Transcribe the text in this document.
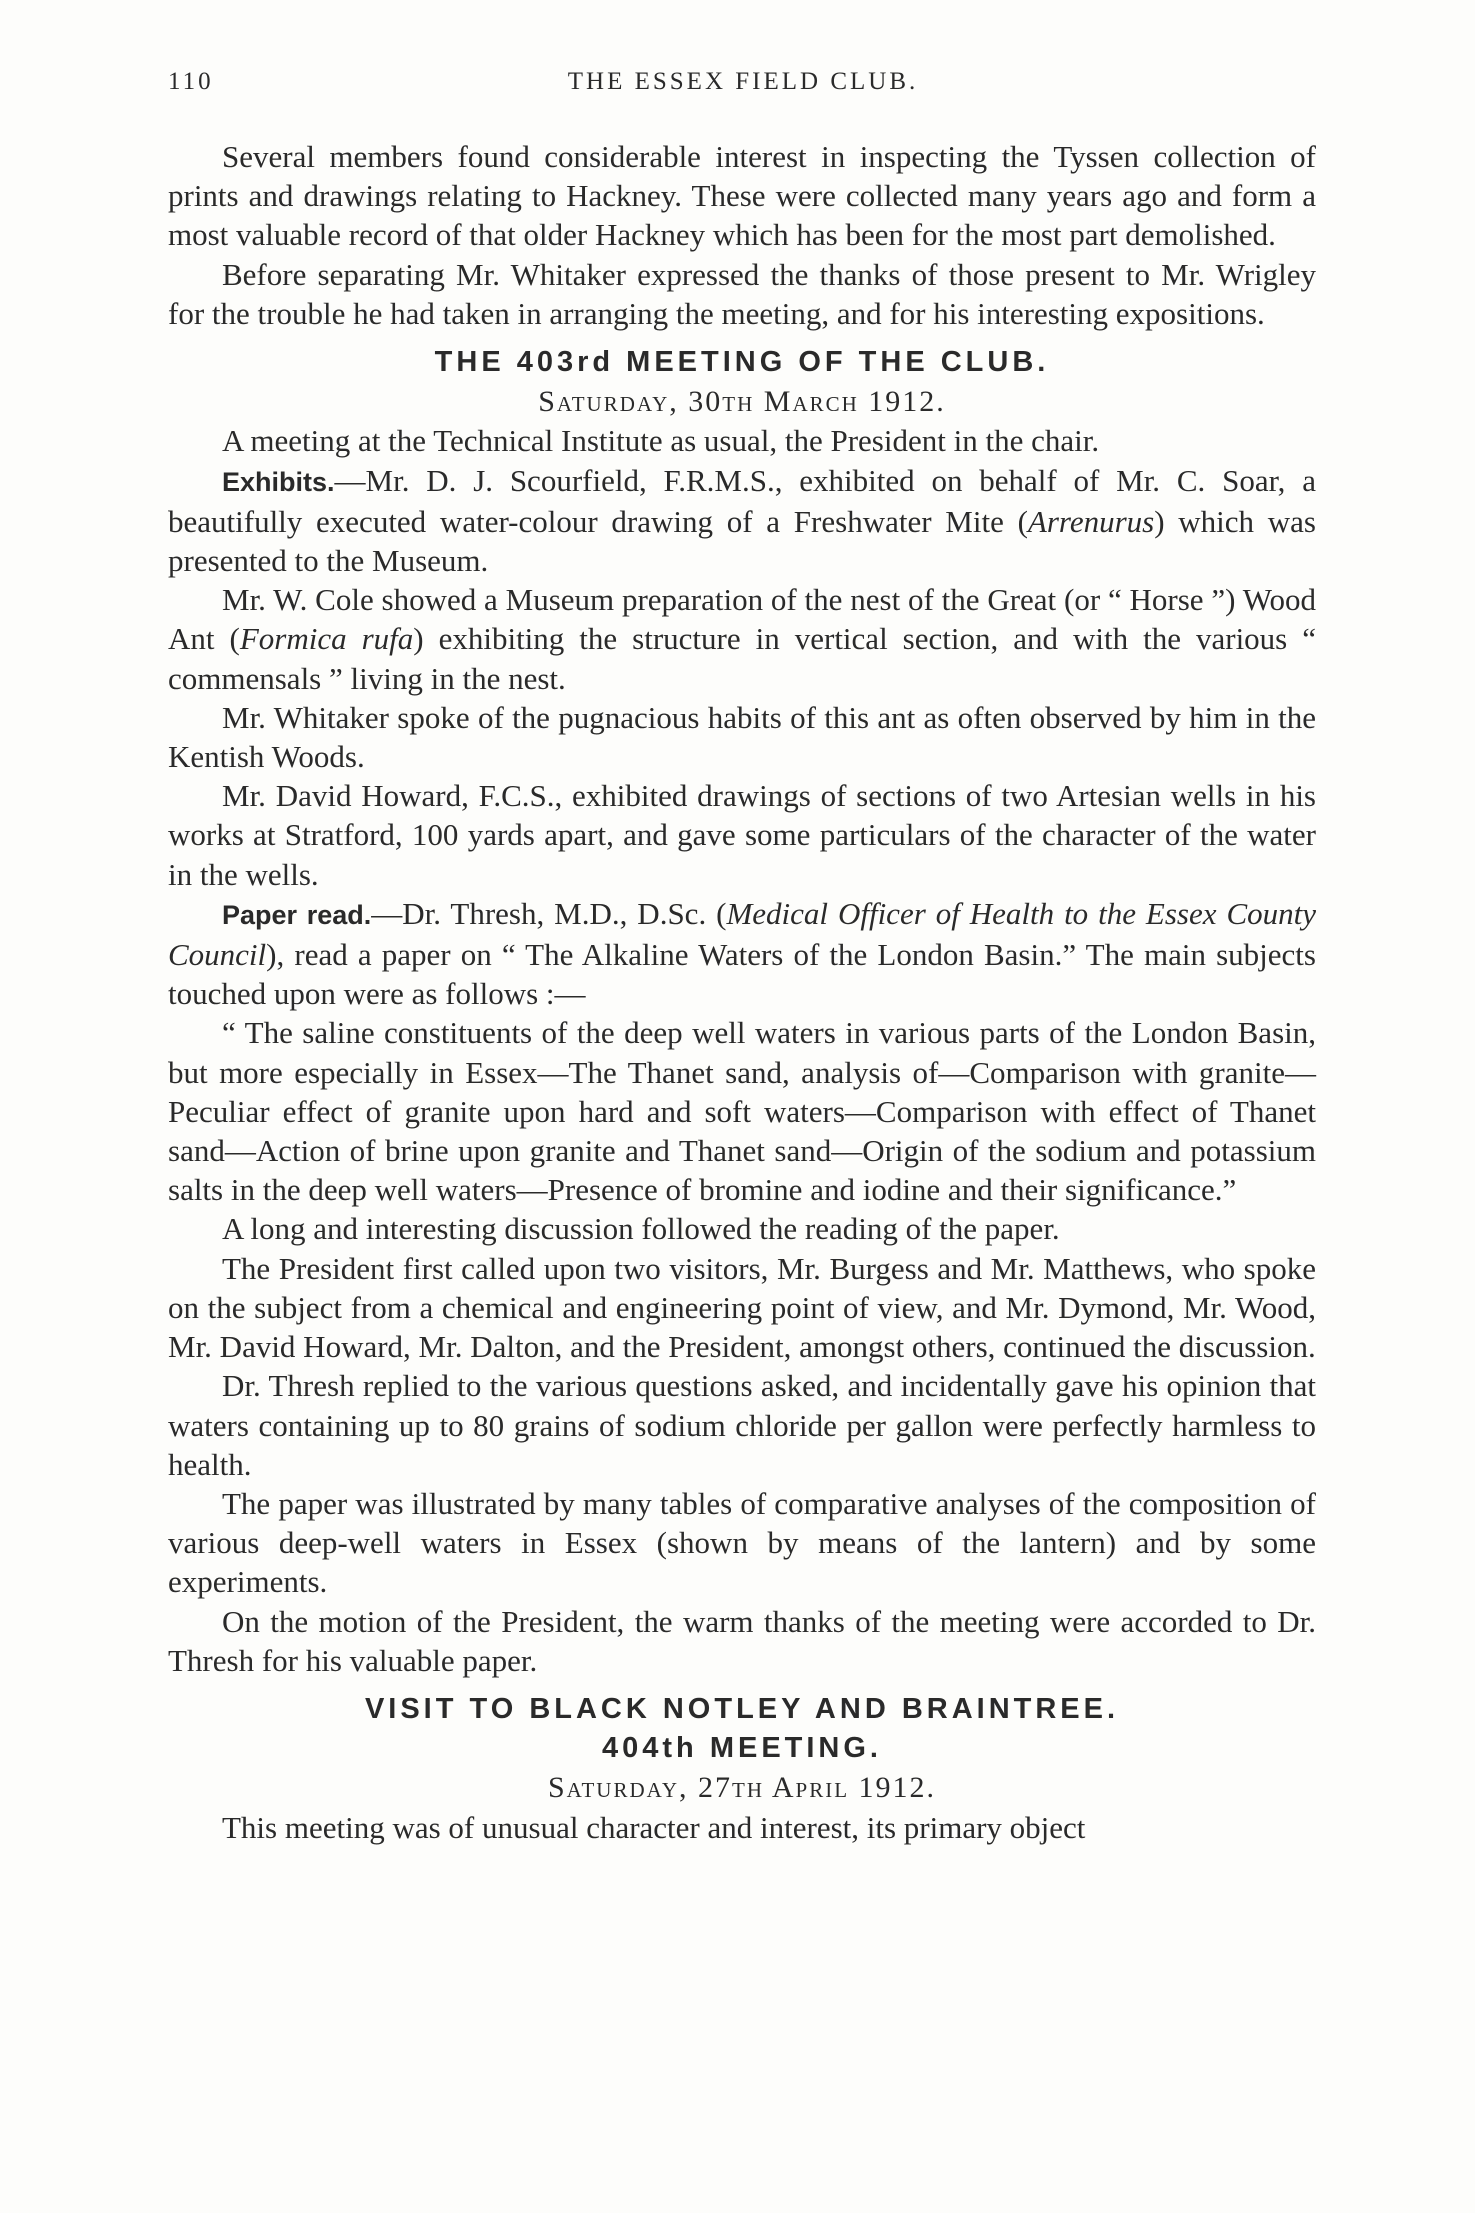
110	THE ESSEX FIELD CLUB.

Several members found considerable interest in inspecting the Tyssen collection of prints and drawings relating to Hackney. These were collected many years ago and form a most valuable record of that older Hackney which has been for the most part demolished.

Before separating Mr. Whitaker expressed the thanks of those present to Mr. Wrigley for the trouble he had taken in arranging the meeting, and for his interesting expositions.

THE 403rd MEETING OF THE CLUB.

Saturday, 30th March 1912.

A meeting at the Technical Institute as usual, the President in the chair.

Exhibits.—Mr. D. J. Scourfield, F.R.M.S., exhibited on behalf of Mr. C. Soar, a beautifully executed water-colour drawing of a Freshwater Mite (Arrenurus) which was presented to the Museum.

Mr. W. Cole showed a Museum preparation of the nest of the Great (or “ Horse ”) Wood Ant (Formica rufa) exhibiting the structure in vertical section, and with the various “ commensals ” living in the nest.

Mr. Whitaker spoke of the pugnacious habits of this ant as often observed by him in the Kentish Woods.

Mr. David Howard, F.C.S., exhibited drawings of sections of two Artesian wells in his works at Stratford, 100 yards apart, and gave some particulars of the character of the water in the wells.

Paper read.—Dr. Thresh, M.D., D.Sc. (Medical Officer of Health to the Essex County Council), read a paper on “ The Alkaline Waters of the London Basin.” The main subjects touched upon were as follows :—

“ The saline constituents of the deep well waters in various parts of the London Basin, but more especially in Essex—The Thanet sand, analysis of—Comparison with granite—Peculiar effect of granite upon hard and soft waters—Comparison with effect of Thanet sand—Action of brine upon granite and Thanet sand—Origin of the sodium and potassium salts in the deep well waters—Presence of bromine and iodine and their significance.”

A long and interesting discussion followed the reading of the paper.

The President first called upon two visitors, Mr. Burgess and Mr. Matthews, who spoke on the subject from a chemical and engineering point of view, and Mr. Dymond, Mr. Wood, Mr. David Howard, Mr. Dalton, and the President, amongst others, continued the discussion.

Dr. Thresh replied to the various questions asked, and incidentally gave his opinion that waters containing up to 80 grains of sodium chloride per gallon were perfectly harmless to health.

The paper was illustrated by many tables of comparative analyses of the composition of various deep-well waters in Essex (shown by means of the lantern) and by some experiments.

On the motion of the President, the warm thanks of the meeting were accorded to Dr. Thresh for his valuable paper.

VISIT TO BLACK NOTLEY AND BRAINTREE.
404th MEETING.

Saturday, 27th April 1912.

This meeting was of unusual character and interest, its primary object
